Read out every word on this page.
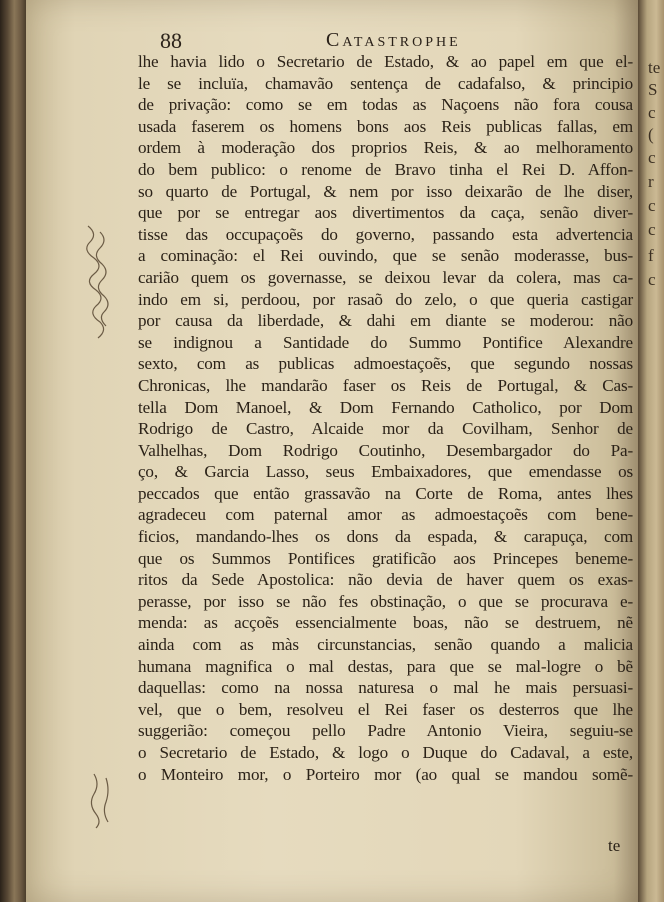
88	Catastrophe
lhe havia lido o Secretario de Estado, & ao papel em que el-
le se incluïa, chamavão sentença de cadafalso, & principio
de privação: como se em todas as Naçoens não fora cousa
usada faserem os homens bons aos Reis publicas fallas, em
ordem à moderação dos proprios Reis, & ao melhoramento
do bem publico: o renome de Bravo tinha el Rei D. Affon-
so quarto de Portugal, & nem por isso deixarão de lhe diser,
que por se entregar aos divertimentos da caça, senão diver-
tisse das occupaçoẽs do governo, passando esta advertencia
a cominação: el Rei ouvindo, que se senão moderasse, bus-
carião quem os governasse, se deixou levar da colera, mas ca-
indo em si, perdoou, por rasaõ do zelo, o que queria castigar
por causa da liberdade, & dahi em diante se moderou: não
se indignou a Santidade do Summo Pontifice Alexandre
sexto, com as publicas admoestaçoẽs, que segundo nossas
Chronicas, lhe mandarão faser os Reis de Portugal, & Cas-
tella Dom Manoel, & Dom Fernando Catholico, por Dom
Rodrigo de Castro, Alcaide mor da Covilham, Senhor de
Valhelhas, Dom Rodrigo Coutinho, Desembargador do Pa-
ço, & Garcia Lasso, seus Embaixadores, que emendasse os
peccados que então grassavão na Corte de Roma, antes lhes
agradeceu com paternal amor as admoestaçoẽs com bene-
ficios, mandando-lhes os dons da espada, & carapuça, com
que os Summos Pontifices gratificão aos Princepes beneme-
ritos da Sede Apostolica: não devia de haver quem os exas-
perasse, por isso se não fes obstinação, o que se procurava e-
menda: as acçoẽs essencialmente boas, não se destruem, nẽ
ainda com as màs circunstancias, senão quando a malicia
humana magnifica o mal destas, para que se mal-logre o bẽ
daquellas: como na nossa naturesa o mal he mais persuasi-
vel, que o bem, resolveu el Rei faser os desterros que lhe
suggerião: começou pello Padre Antonio Vieira, seguiu-se
o Secretario de Estado, & logo o Duque do Cadaval, a este,
o Monteiro mor, o Porteiro mor (ao qual se mandou somẽ-
te
te
S
c
(
c
r
c
c
f
c
